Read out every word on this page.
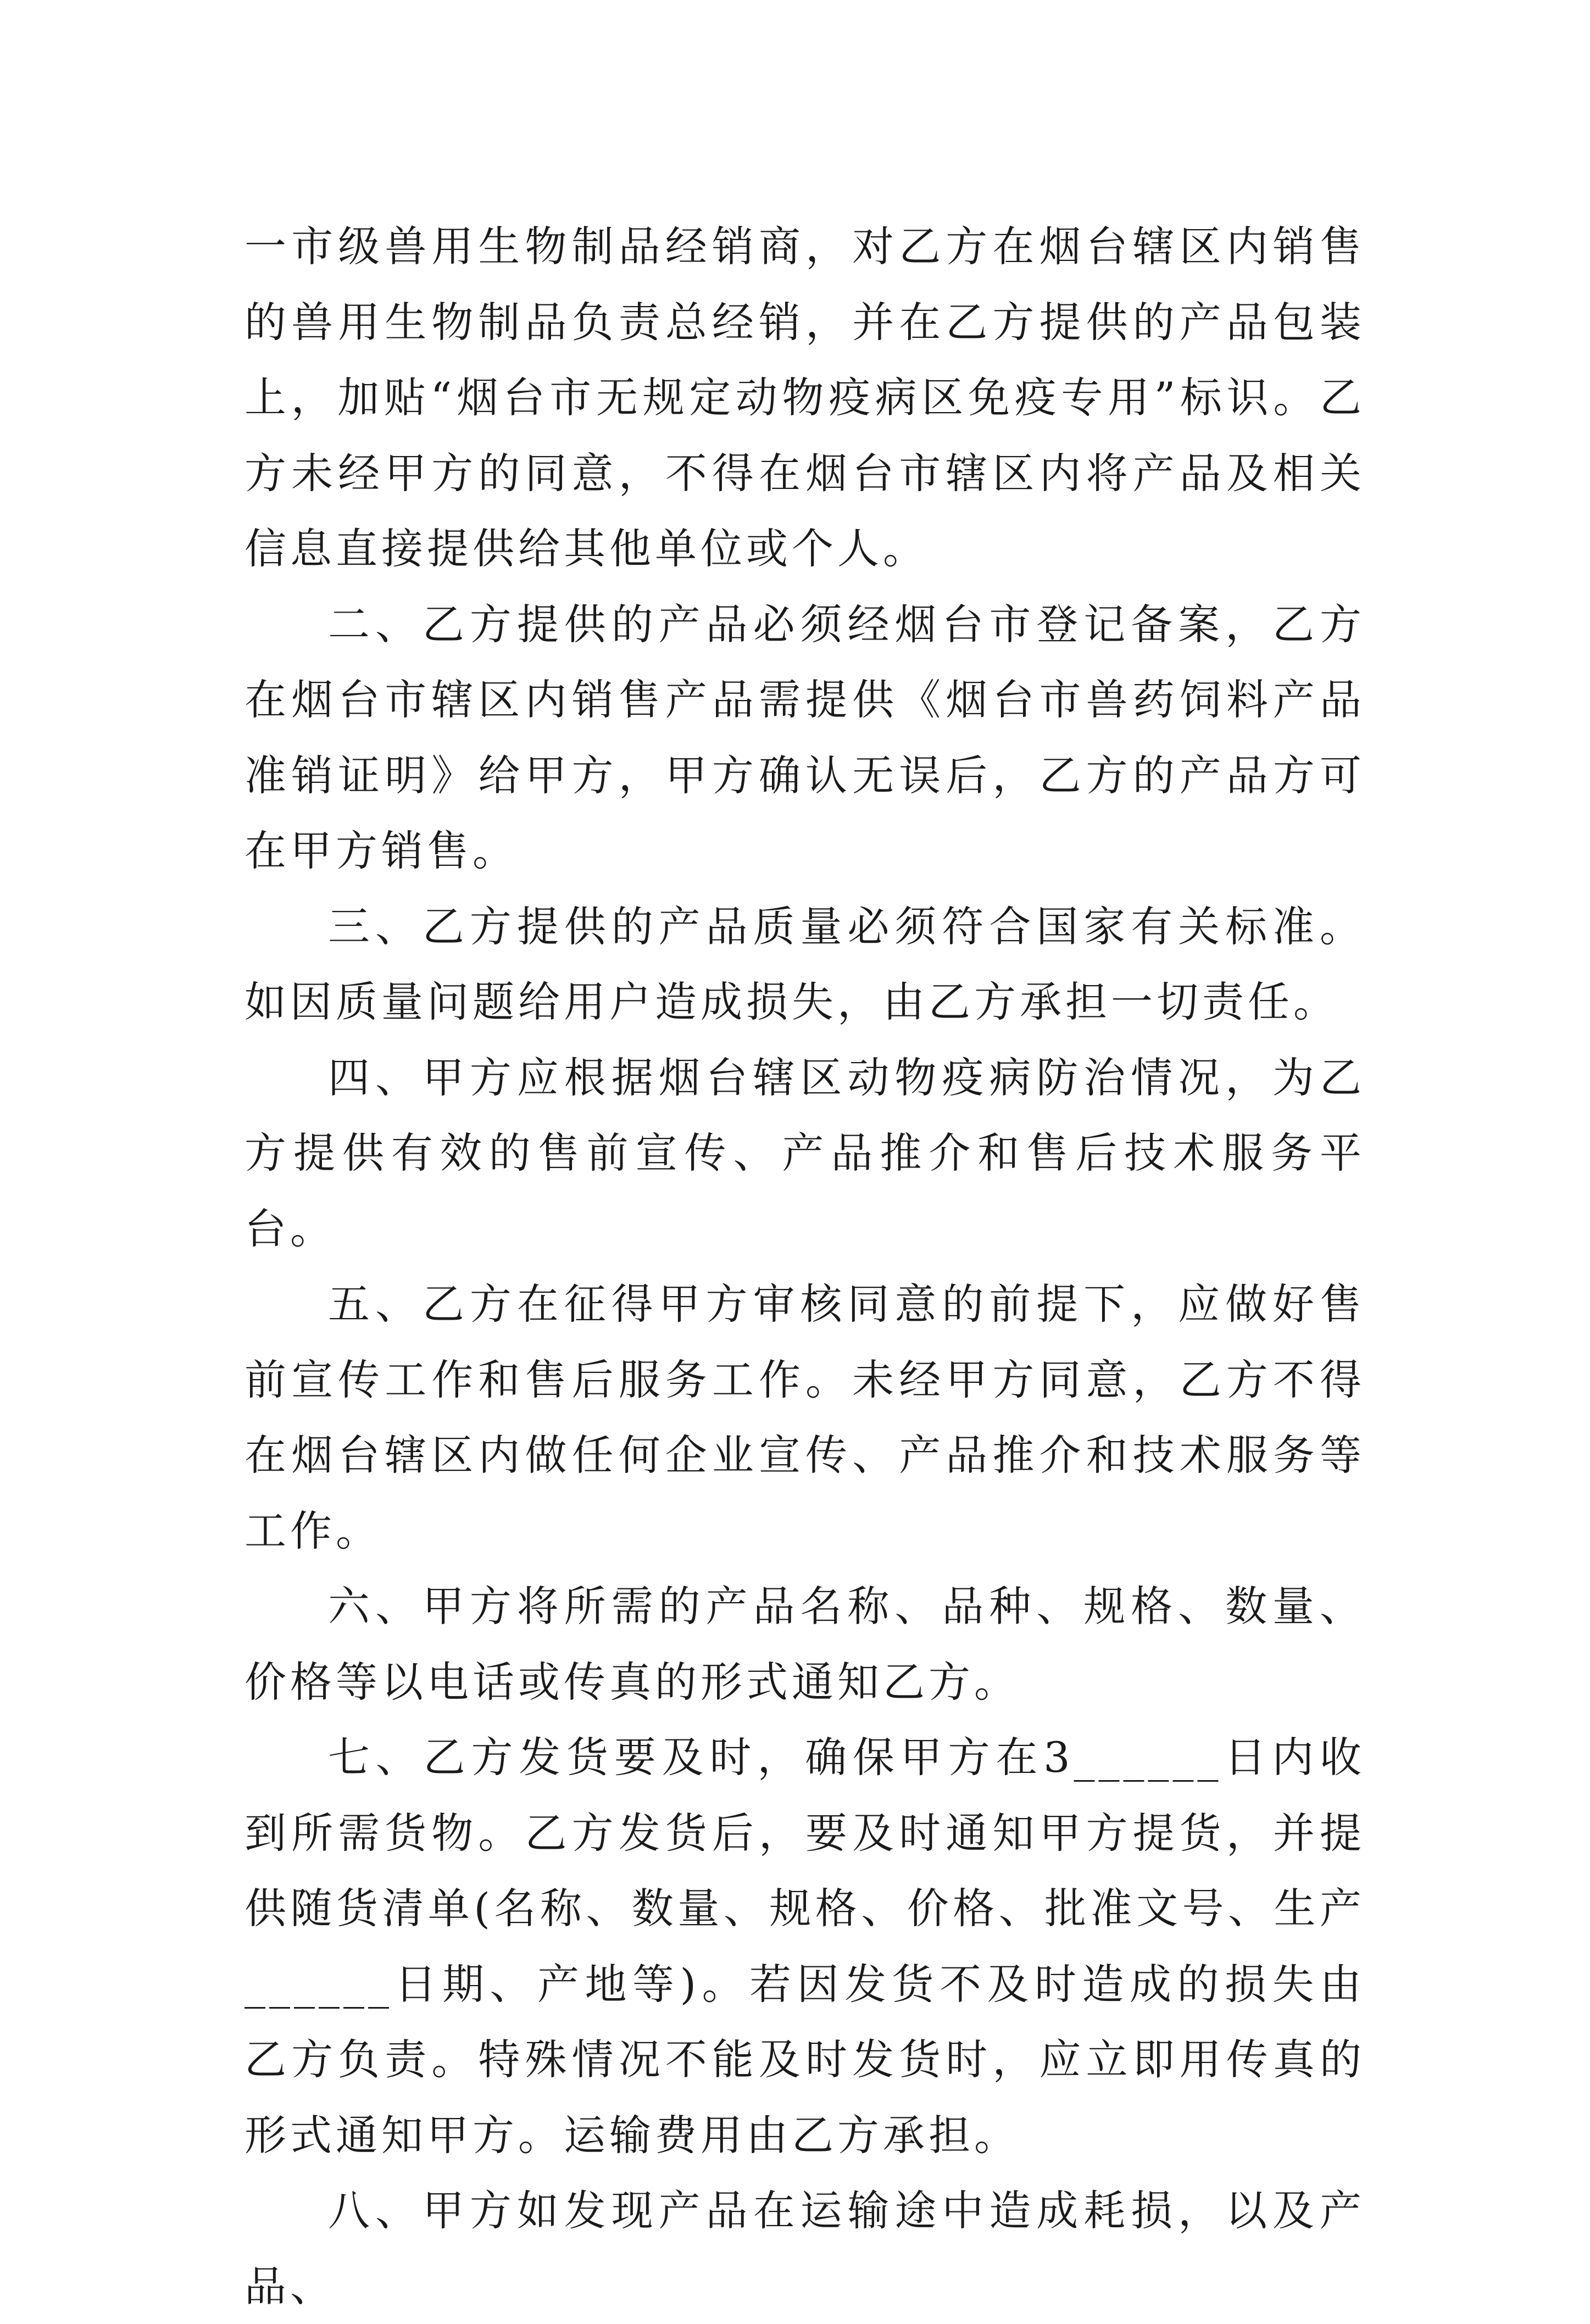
一市级兽用生物制品经销商，对乙方在烟台辖区内销售的兽用生物制品负责总经销，并在乙方提供的产品包装上，加贴“烟台市无规定动物疫病区免疫专用”标识。乙方未经甲方的同意，不得在烟台市辖区内将产品及相关信息直接提供给其他单位或个人。

二、乙方提供的产品必须经烟台市登记备案，乙方在烟台市辖区内销售产品需提供《烟台市兽药饲料产品准销证明》给甲方，甲方确认无误后，乙方的产品方可在甲方销售。

三、乙方提供的产品质量必须符合国家有关标准。如因质量问题给用户造成损失，由乙方承担一切责任。

四、甲方应根据烟台辖区动物疫病防治情况，为乙方提供有效的售前宣传、产品推介和售后技术服务平台。

五、乙方在征得甲方审核同意的前提下，应做好售前宣传工作和售后服务工作。未经甲方同意，乙方不得在烟台辖区内做任何企业宣传、产品推介和技术服务等工作。

六、甲方将所需的产品名称、品种、规格、数量、价格等以电话或传真的形式通知乙方。

七、乙方发货要及时，确保甲方在3______日内收到所需货物。乙方发货后，要及时通知甲方提货，并提供随货清单(名称、数量、规格、价格、批准文号、生产______日期、产地等)。若因发货不及时造成的损失由乙方负责。特殊情况不能及时发货时，应立即用传真的形式通知甲方。运输费用由乙方承担。

八、甲方如发现产品在运输途中造成耗损，以及产品、
